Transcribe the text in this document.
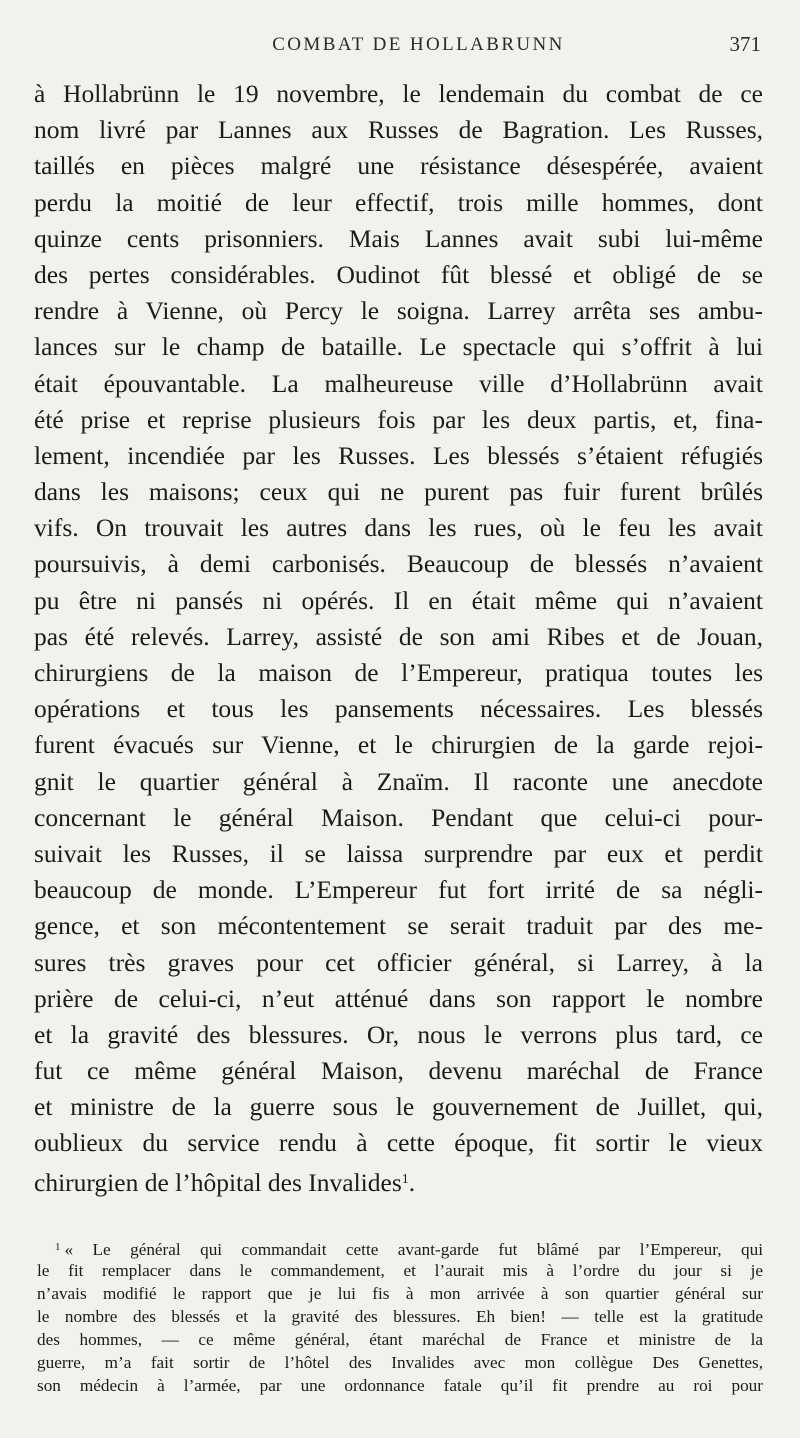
COMBAT DE HOLLABRUNN	371
à Hollabrünn le 19 novembre, le lendemain du combat de ce
nom livré par Lannes aux Russes de Bagration. Les Russes,
taillés en pièces malgré une résistance désespérée, avaient
perdu la moitié de leur effectif, trois mille hommes, dont
quinze cents prisonniers. Mais Lannes avait subi lui-même
des pertes considérables. Oudinot fût blessé et obligé de se
rendre à Vienne, où Percy le soigna. Larrey arrêta ses ambu-
lances sur le champ de bataille. Le spectacle qui s’offrit à lui
était épouvantable. La malheureuse ville d’Hollabrünn avait
été prise et reprise plusieurs fois par les deux partis, et, fina-
lement, incendiée par les Russes. Les blessés s’étaient réfugiés
dans les maisons; ceux qui ne purent pas fuir furent brûlés
vifs. On trouvait les autres dans les rues, où le feu les avait
poursuivis, à demi carbonisés. Beaucoup de blessés n’avaient
pu être ni pansés ni opérés. Il en était même qui n’avaient
pas été relevés. Larrey, assisté de son ami Ribes et de Jouan,
chirurgiens de la maison de l’Empereur, pratiqua toutes les
opérations et tous les pansements nécessaires. Les blessés
furent évacués sur Vienne, et le chirurgien de la garde rejoi-
gnit le quartier général à Znaïm. Il raconte une anecdote
concernant le général Maison. Pendant que celui-ci pour-
suivait les Russes, il se laissa surprendre par eux et perdit
beaucoup de monde. L’Empereur fut fort irrité de sa négli-
gence, et son mécontentement se serait traduit par des me-
sures très graves pour cet officier général, si Larrey, à la
prière de celui-ci, n’eut atténué dans son rapport le nombre
et la gravité des blessures. Or, nous le verrons plus tard, ce
fut ce même général Maison, devenu maréchal de France
et ministre de la guerre sous le gouvernement de Juillet, qui,
oublieux du service rendu à cette époque, fit sortir le vieux
chirurgien de l’hôpital des Invalides$^1$.
$^1$ « Le général qui commandait cette avant-garde fut blâmé par l’Empereur, qui
le fit remplacer dans le commandement, et l’aurait mis à l’ordre du jour si je
n’avais modifié le rapport que je lui fis à mon arrivée à son quartier général sur
le nombre des blessés et la gravité des blessures. Eh bien! — telle est la gratitude
des hommes, — ce même général, étant maréchal de France et ministre de la
guerre, m’a fait sortir de l’hôtel des Invalides avec mon collègue Des Genettes,
son médecin à l’armée, par une ordonnance fatale qu’il fit prendre au roi pour
